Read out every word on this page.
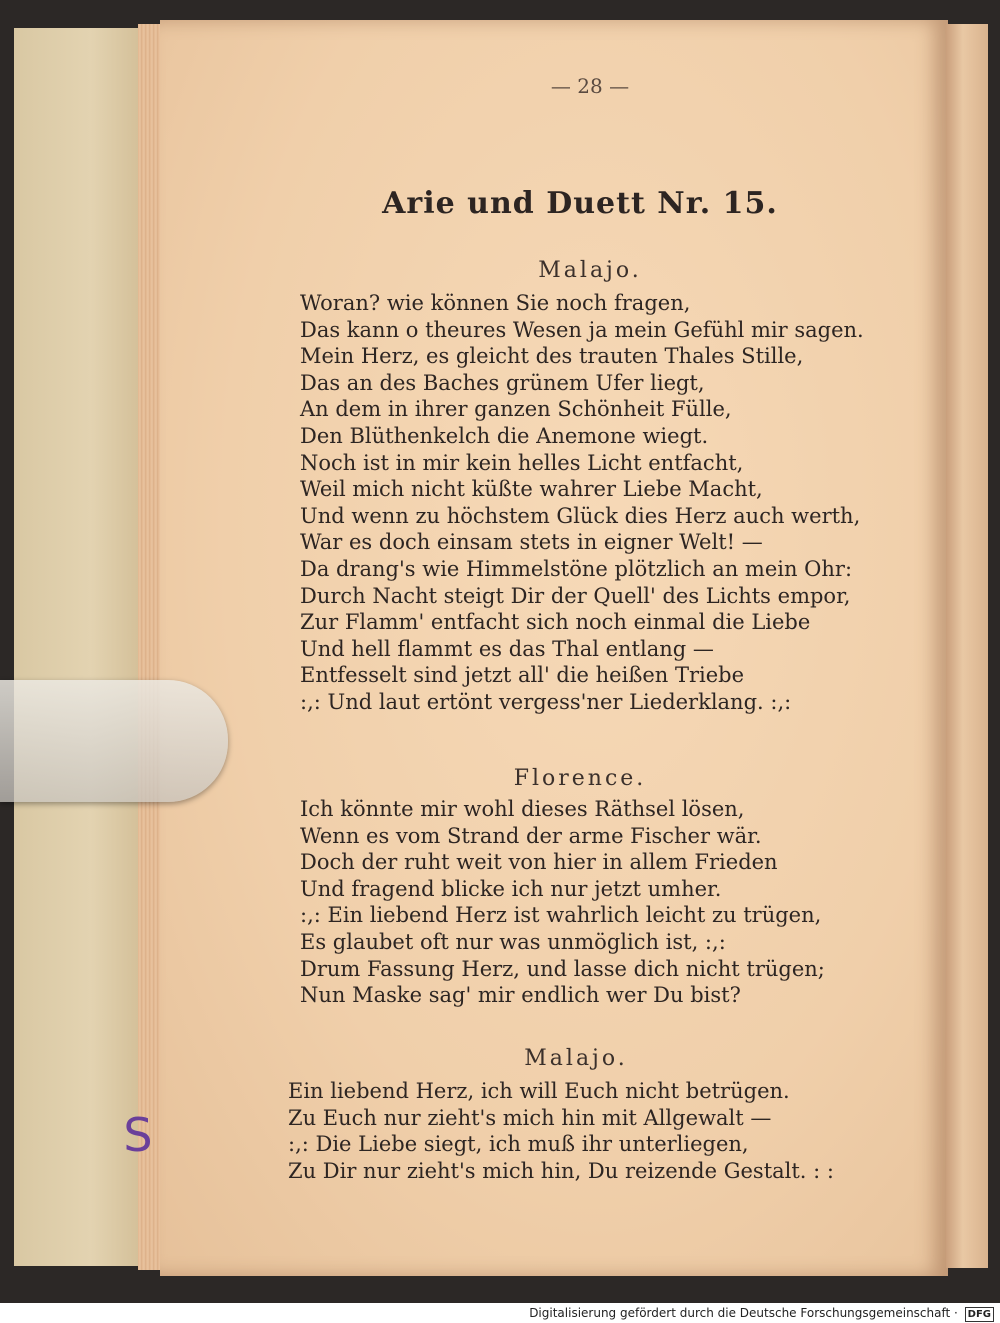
— 28 —
Arie und Duett Nr. 15.
Malajo.
Woran? wie können Sie noch fragen,
Das kann o theures Wesen ja mein Gefühl mir sagen.
Mein Herz, es gleicht des trauten Thales Stille,
Das an des Baches grünem Ufer liegt,
An dem in ihrer ganzen Schönheit Fülle,
Den Blüthenkelch die Anemone wiegt.
Noch ist in mir kein helles Licht entfacht,
Weil mich nicht küßte wahrer Liebe Macht,
Und wenn zu höchstem Glück dies Herz auch werth,
War es doch einsam stets in eigner Welt! —
Da drang's wie Himmelstöne plötzlich an mein Ohr:
Durch Nacht steigt Dir der Quell' des Lichts empor,
Zur Flamm' entfacht sich noch einmal die Liebe
Und hell flammt es das Thal entlang —
Entfesselt sind jetzt all' die heißen Triebe
:,: Und laut ertönt vergess'ner Liederklang. :,:
Florence.
Ich könnte mir wohl dieses Räthsel lösen,
Wenn es vom Strand der arme Fischer wär.
Doch der ruht weit von hier in allem Frieden
Und fragend blicke ich nur jetzt umher.
:,: Ein liebend Herz ist wahrlich leicht zu trügen,
Es glaubet oft nur was unmöglich ist, :,:
Drum Fassung Herz, und lasse dich nicht trügen;
Nun Maske sag' mir endlich wer Du bist?
Malajo.
Ein liebend Herz, ich will Euch nicht betrügen.
Zu Euch nur zieht's mich hin mit Allgewalt —
:,: Die Liebe siegt, ich muß ihr unterliegen,
Zu Dir nur zieht's mich hin, Du reizende Gestalt. : :
S
Digitalisierung gefördert durch die Deutsche Forschungsgemeinschaft · DFG
